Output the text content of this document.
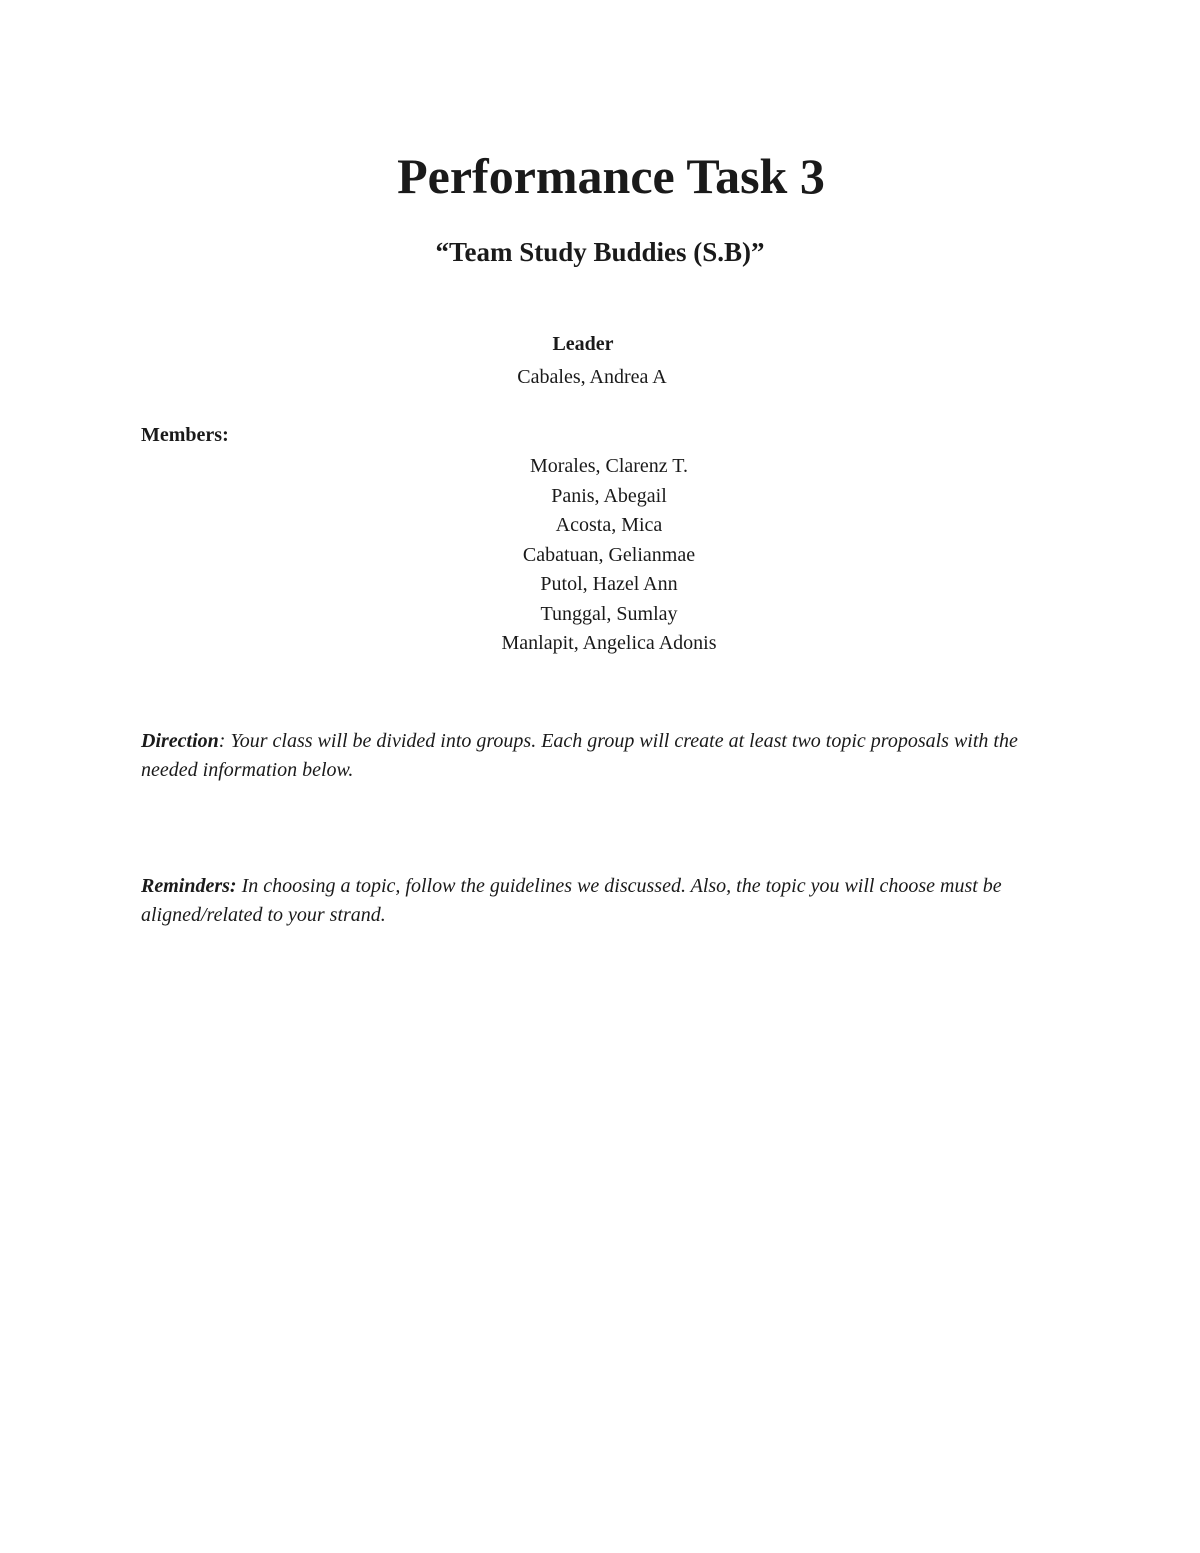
Performance Task 3
“Team Study Buddies (S.B)”
Leader
Cabales, Andrea A
Members:
Morales, Clarenz T.
Panis, Abegail
Acosta, Mica
Cabatuan, Gelianmae
Putol, Hazel Ann
Tunggal, Sumlay
Manlapit, Angelica Adonis

Direction: Your class will be divided into groups. Each group will create at least two topic proposals with the needed information below.

Reminders: In choosing a topic, follow the guidelines we discussed. Also, the topic you will choose must be aligned/related to your strand.
